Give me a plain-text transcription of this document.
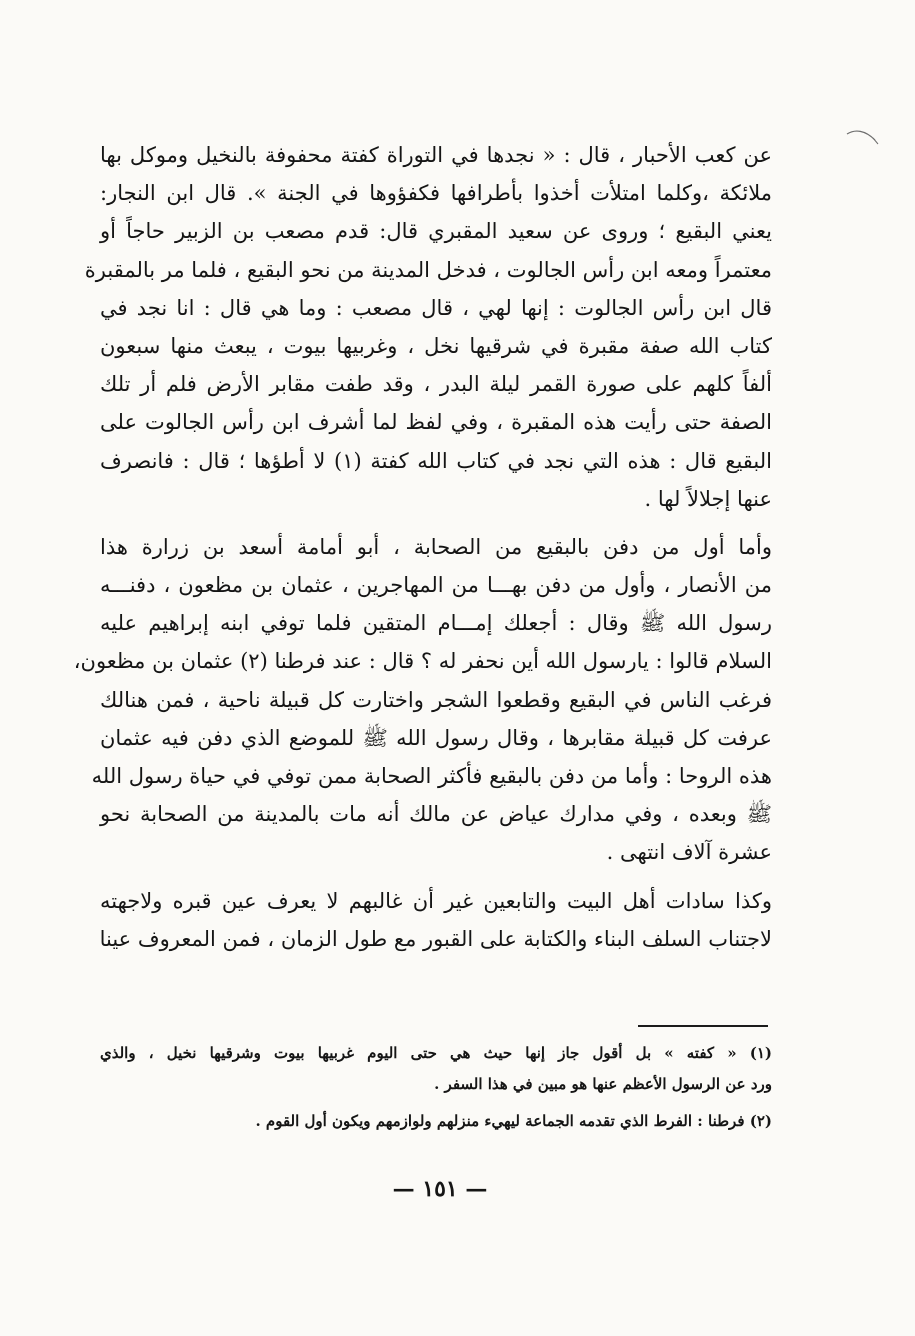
عن كعب الأحبار ، قال : « نجدها في التوراة كفتة محفوفة بالنخيل وموكل بها
ملائكة ،وكلما امتلأت أخذوا بأطرافها فكفؤوها في الجنة ». قال ابن النجار:
يعني البقيع ؛ وروى عن سعيد المقبري قال: قدم مصعب بن الزبير حاجاً أو
معتمراً ومعه ابن رأس الجالوت ، فدخل المدينة من نحو البقيع ، فلما مر بالمقبرة
قال ابن رأس الجالوت : إنها لهي ، قال مصعب : وما هي قال : انا نجد في
كتاب الله صفة مقبرة في شرقيها نخل ، وغربيها بيوت ، يبعث منها سبعون
ألفاً كلهم على صورة القمر ليلة البدر ، وقد طفت مقابر الأرض فلم أر تلك
الصفة حتى رأيت هذه المقبرة ، وفي لفظ لما أشرف ابن رأس الجالوت على
البقيع قال : هذه التي نجد في كتاب الله كفتة (١) لا أطؤها ؛ قال : فانصرف
عنها إجلالاً لها .
وأما أول من دفن بالبقيع من الصحابة ، أبو أمامة أسعد بن زرارة هذا
من الأنصار ، وأول من دفن بهـــا من المهاجرين ، عثمان بن مظعون ، دفنـــه
رسول الله ﷺ وقال : أجعلك إمـــام المتقين فلما توفي ابنه إبراهيم عليه
السلام قالوا : يارسول الله أين نحفر له ؟ قال : عند فرطنا (٢) عثمان بن مظعون،
فرغب الناس في البقيع وقطعوا الشجر واختارت كل قبيلة ناحية ، فمن هنالك
عرفت كل قبيلة مقابرها ، وقال رسول الله ﷺ للموضع الذي دفن فيه عثمان
هذه الروحا : وأما من دفن بالبقيع فأكثر الصحابة ممن توفي في حياة رسول الله
ﷺ وبعده ، وفي مدارك عياض عن مالك أنه مات بالمدينة من الصحابة نحو
عشرة آلاف انتهى .
وكذا سادات أهل البيت والتابعين غير أن غالبهم لا يعرف عين قبره ولاجهته
لاجتناب السلف البناء والكتابة على القبور مع طول الزمان ، فمن المعروف عينا
(١) « كفته » بل أقول جاز إنها حيث هي حتى اليوم غربيها بيوت وشرقيها نخيل ، والذي
ورد عن الرسول الأعظم عنها هو مبين في هذا السفر .
(٢) فرطنا : الفرط الذي تقدمه الجماعة ليهيء منزلهم ولوازمهم ويكون أول القوم .
— ١٥١ —
